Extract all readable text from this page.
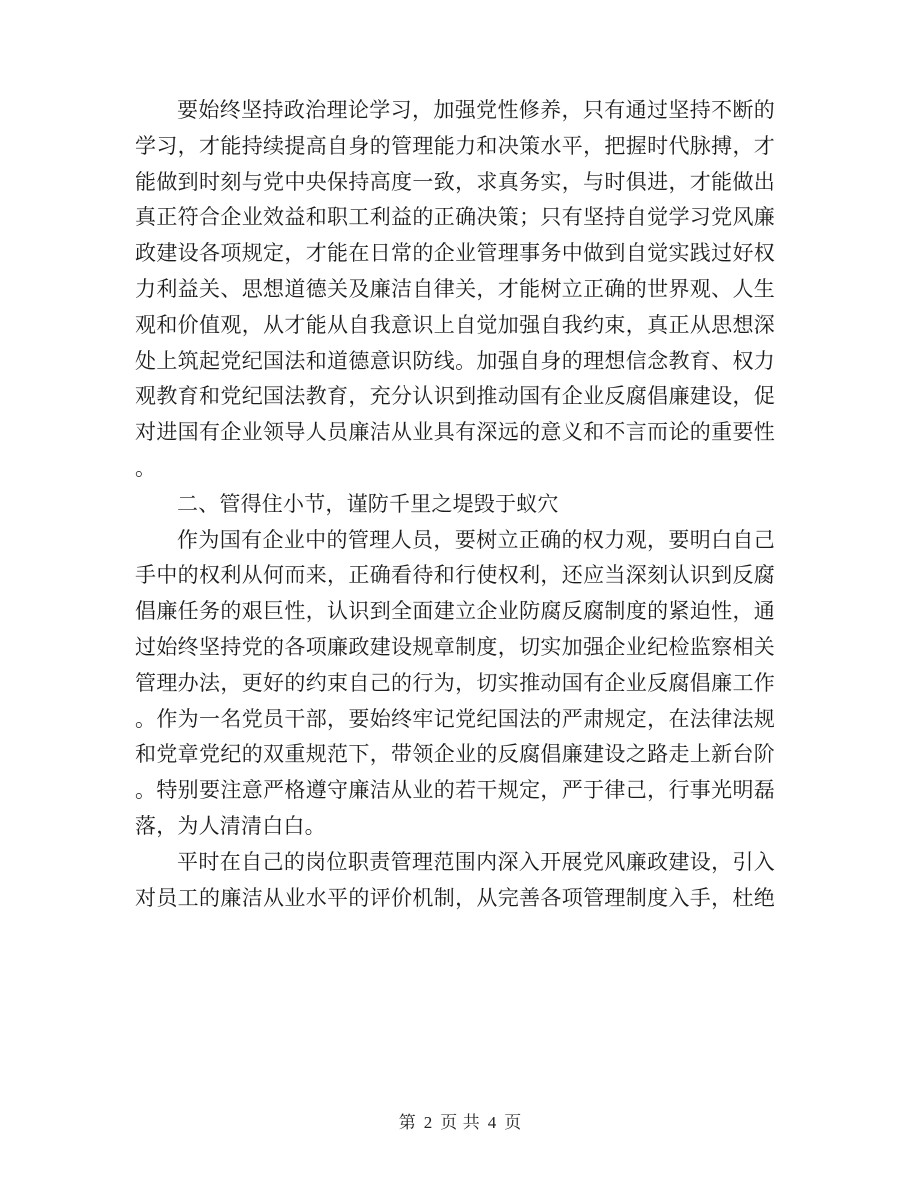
要始终坚持政治理论学习，加强党性修养，只有通过坚持不断的
学习，才能持续提高自身的管理能力和决策水平，把握时代脉搏，才
能做到时刻与党中央保持高度一致，求真务实，与时俱进，才能做出
真正符合企业效益和职工利益的正确决策；只有坚持自觉学习党风廉
政建设各项规定，才能在日常的企业管理事务中做到自觉实践过好权
力利益关、思想道德关及廉洁自律关，才能树立正确的世界观、人生
观和价值观，从才能从自我意识上自觉加强自我约束，真正从思想深
处上筑起党纪国法和道德意识防线。加强自身的理想信念教育、权力
观教育和党纪国法教育，充分认识到推动国有企业反腐倡廉建设，促
对进国有企业领导人员廉洁从业具有深远的意义和不言而论的重要性
。
二、管得住小节，谨防千里之堤毁于蚁穴
作为国有企业中的管理人员，要树立正确的权力观，要明白自己
手中的权利从何而来，正确看待和行使权利，还应当深刻认识到反腐
倡廉任务的艰巨性，认识到全面建立企业防腐反腐制度的紧迫性，通
过始终坚持党的各项廉政建设规章制度，切实加强企业纪检监察相关
管理办法，更好的约束自己的行为，切实推动国有企业反腐倡廉工作
。作为一名党员干部，要始终牢记党纪国法的严肃规定，在法律法规
和党章党纪的双重规范下，带领企业的反腐倡廉建设之路走上新台阶
。特别要注意严格遵守廉洁从业的若干规定，严于律己，行事光明磊
落，为人清清白白。
平时在自己的岗位职责管理范围内深入开展党风廉政建设，引入
对员工的廉洁从业水平的评价机制，从完善各项管理制度入手，杜绝
第 2 页 共 4 页
